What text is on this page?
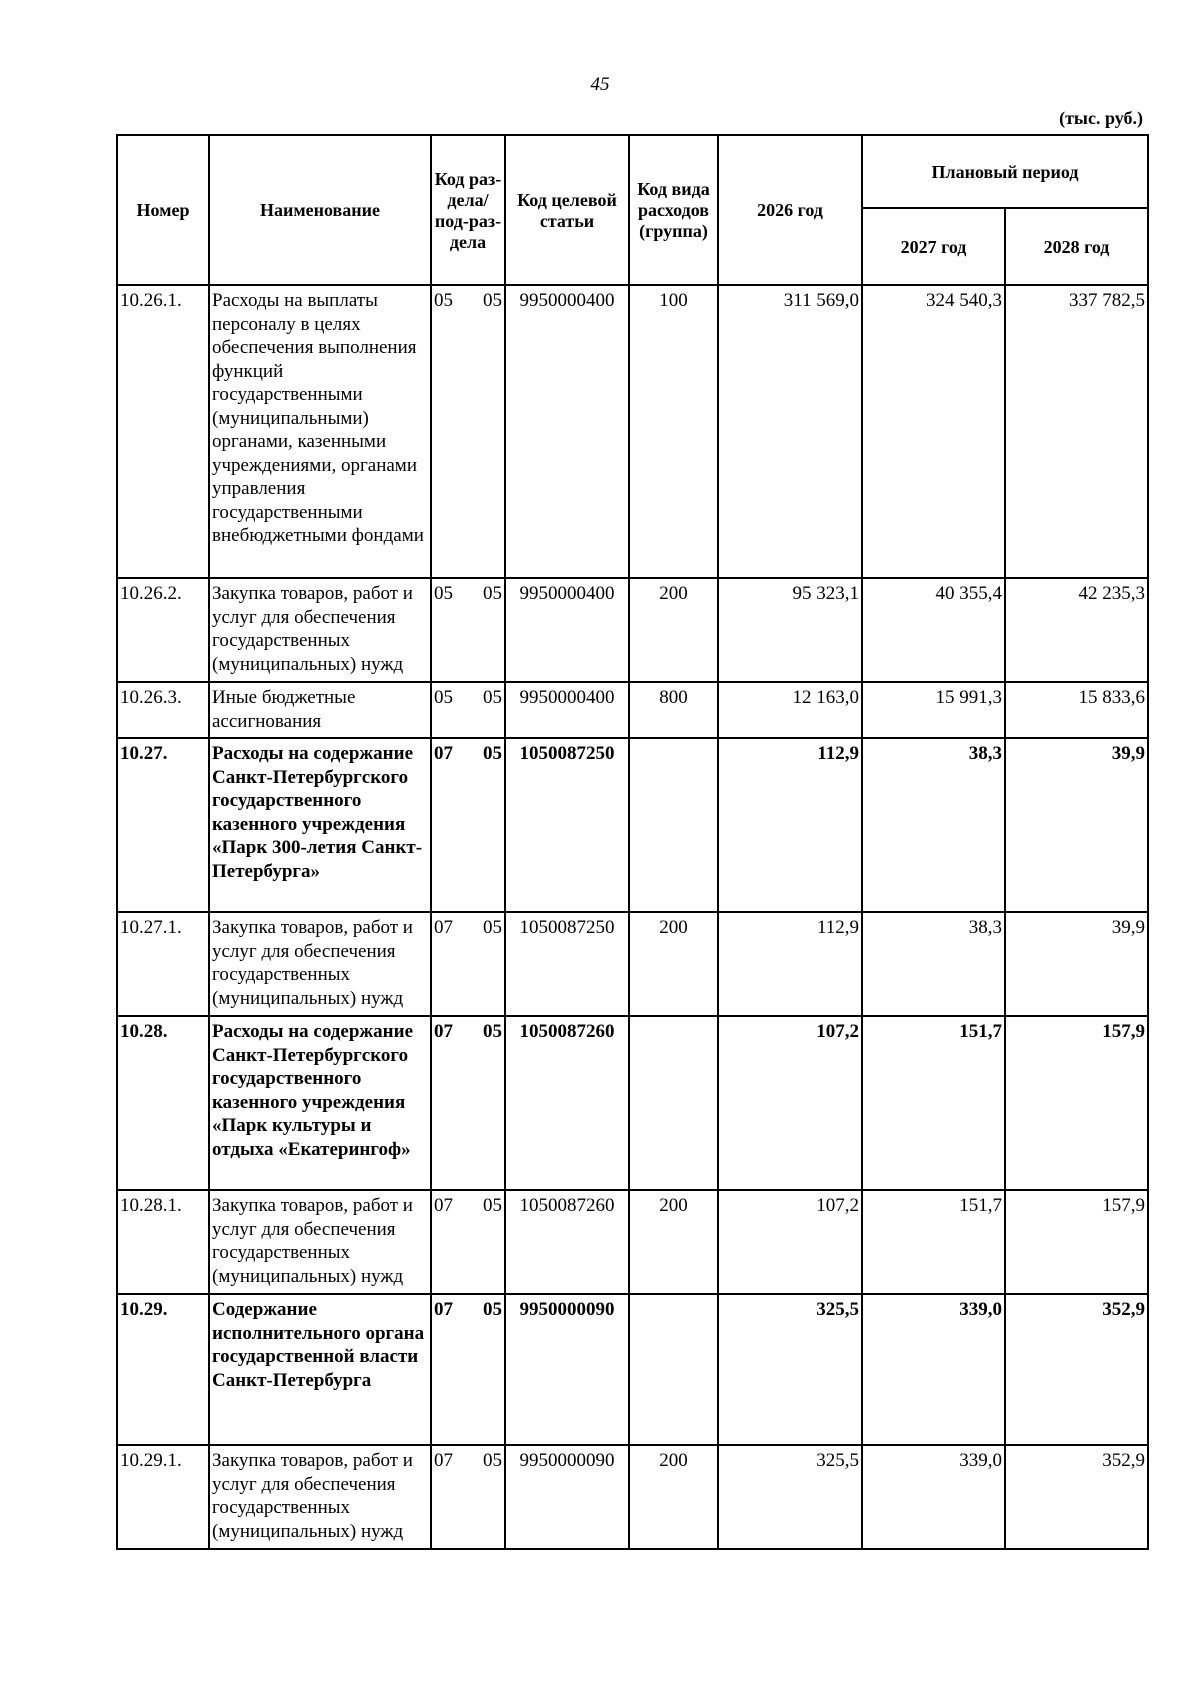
45
(тыс. руб.)
Номер	Наименование	Код раз-дела/ под-раз-дела	Код целевой статьи	Код вида расходов (группа)	2026 год	Плановый период	
						2027 год	2028 год
10.26.1.	Расходы на выплаты персоналу в целях обеспечения выполнения функций государственными (муниципальными) органами, казенными учреждениями, органами управления государственными внебюджетными фондами	05 05	9950000400	100	311 569,0	324 540,3	337 782,5
10.26.2.	Закупка товаров, работ и услуг для обеспечения государственных (муниципальных) нужд	05 05	9950000400	200	95 323,1	40 355,4	42 235,3
10.26.3.	Иные бюджетные ассигнования	05 05	9950000400	800	12 163,0	15 991,3	15 833,6
10.27.	Расходы на содержание Санкт-Петербургского государственного казенного учреждения «Парк 300-летия Санкт-Петербурга»	07 05	1050087250		112,9	38,3	39,9
10.27.1.	Закупка товаров, работ и услуг для обеспечения государственных (муниципальных) нужд	07 05	1050087250	200	112,9	38,3	39,9
10.28.	Расходы на содержание Санкт-Петербургского государственного казенного учреждения «Парк культуры и отдыха «Екатерингоф»	07 05	1050087260		107,2	151,7	157,9
10.28.1.	Закупка товаров, работ и услуг для обеспечения государственных (муниципальных) нужд	07 05	1050087260	200	107,2	151,7	157,9
10.29.	Содержание исполнительного органа государственной власти Санкт-Петербурга	07 05	9950000090		325,5	339,0	352,9
10.29.1.	Закупка товаров, работ и услуг для обеспечения государственных (муниципальных) нужд	07 05	9950000090	200	325,5	339,0	352,9
